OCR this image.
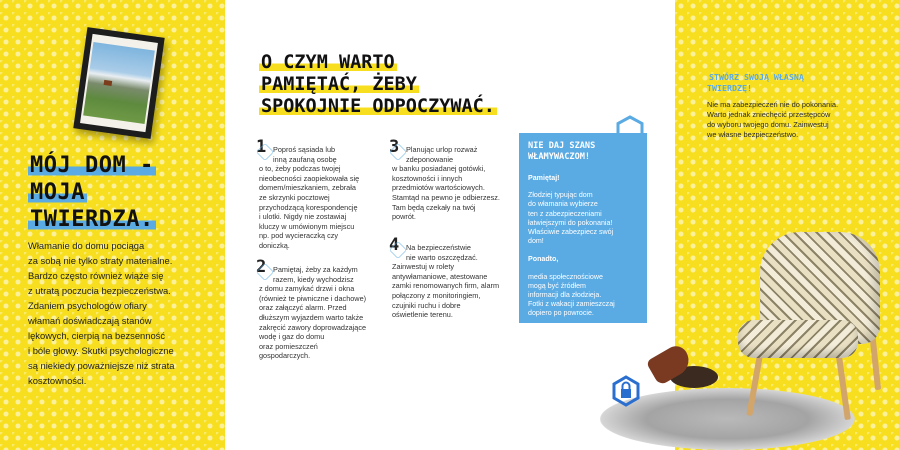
MÓJ DOM -
MOJA
TWIERDZA.
Włamanie do domu pociąga
za sobą nie tylko straty materialne.
Bardzo często również wiąże się
z utratą poczucia bezpieczeństwa.
Zdaniem psychologów ofiary
włamań doświadczają stanów
lękowych, cierpią na bezsenność
i bóle głowy. Skutki psychologiczne
są niekiedy poważniejsze niż strata
kosztowności.
O CZYM WARTO
PAMIĘTAĆ, ŻEBY
SPOKOJNIE ODPOCZYWAĆ.
1 Poproś sąsiada lub
inną zaufaną osobę
o to, żeby podczas twojej
nieobecności zaopiekowała się
domem/mieszkaniem, zebrała
ze skrzynki pocztowej
przychodzącą korespondencję
i ulotki. Nigdy nie zostawiaj
kluczy w umówionym miejscu
np. pod wycieraczką czy
doniczką.
2 Pamiętaj, żeby za każdym
razem, kiedy wychodzisz
z domu zamykać drzwi i okna
(również te piwniczne i dachowe)
oraz załączyć alarm. Przed
dłuższym wyjazdem warto także
zakręcić zawory doprowadzające
wodę i gaz do domu
oraz pomieszczeń
gospodarczych.
3 Planując urlop rozważ
zdeponowanie
w banku posiadanej gotówki,
kosztowności i innych
przedmiotów wartościowych.
Stamtąd na pewno je odbierzesz.
Tam będą czekały na twój
powrót.
4 Na bezpieczeństwie
nie warto oszczędzać.
Zainwestuj w rolety
antywłamaniowe, atestowane
zamki renomowanych firm, alarm
połączony z monitoringiem,
czujniki ruchu i dobre
oświetlenie terenu.
NIE DAJ SZANS
WŁAMYWACZOM!
Pamiętaj!
Złodziej typując dom
do włamania wybierze
ten z zabezpieczeniami
łatwiejszymi do pokonania!
Właściwie zabezpiecz swój
dom!
Ponadto,
media społecznościowe
mogą być źródłem
informacji dla złodzieja.
Fotki z wakacji zamieszczaj
dopiero po powrocie.
STWÓRZ SWOJĄ WŁASNĄ
TWIERDZĘ!
Nie ma zabezpieczeń nie do pokonania.
Warto jednak zniechęcić przestępców
do wyboru twojego domu. Zainwestuj
we własne bezpieczeństwo.
